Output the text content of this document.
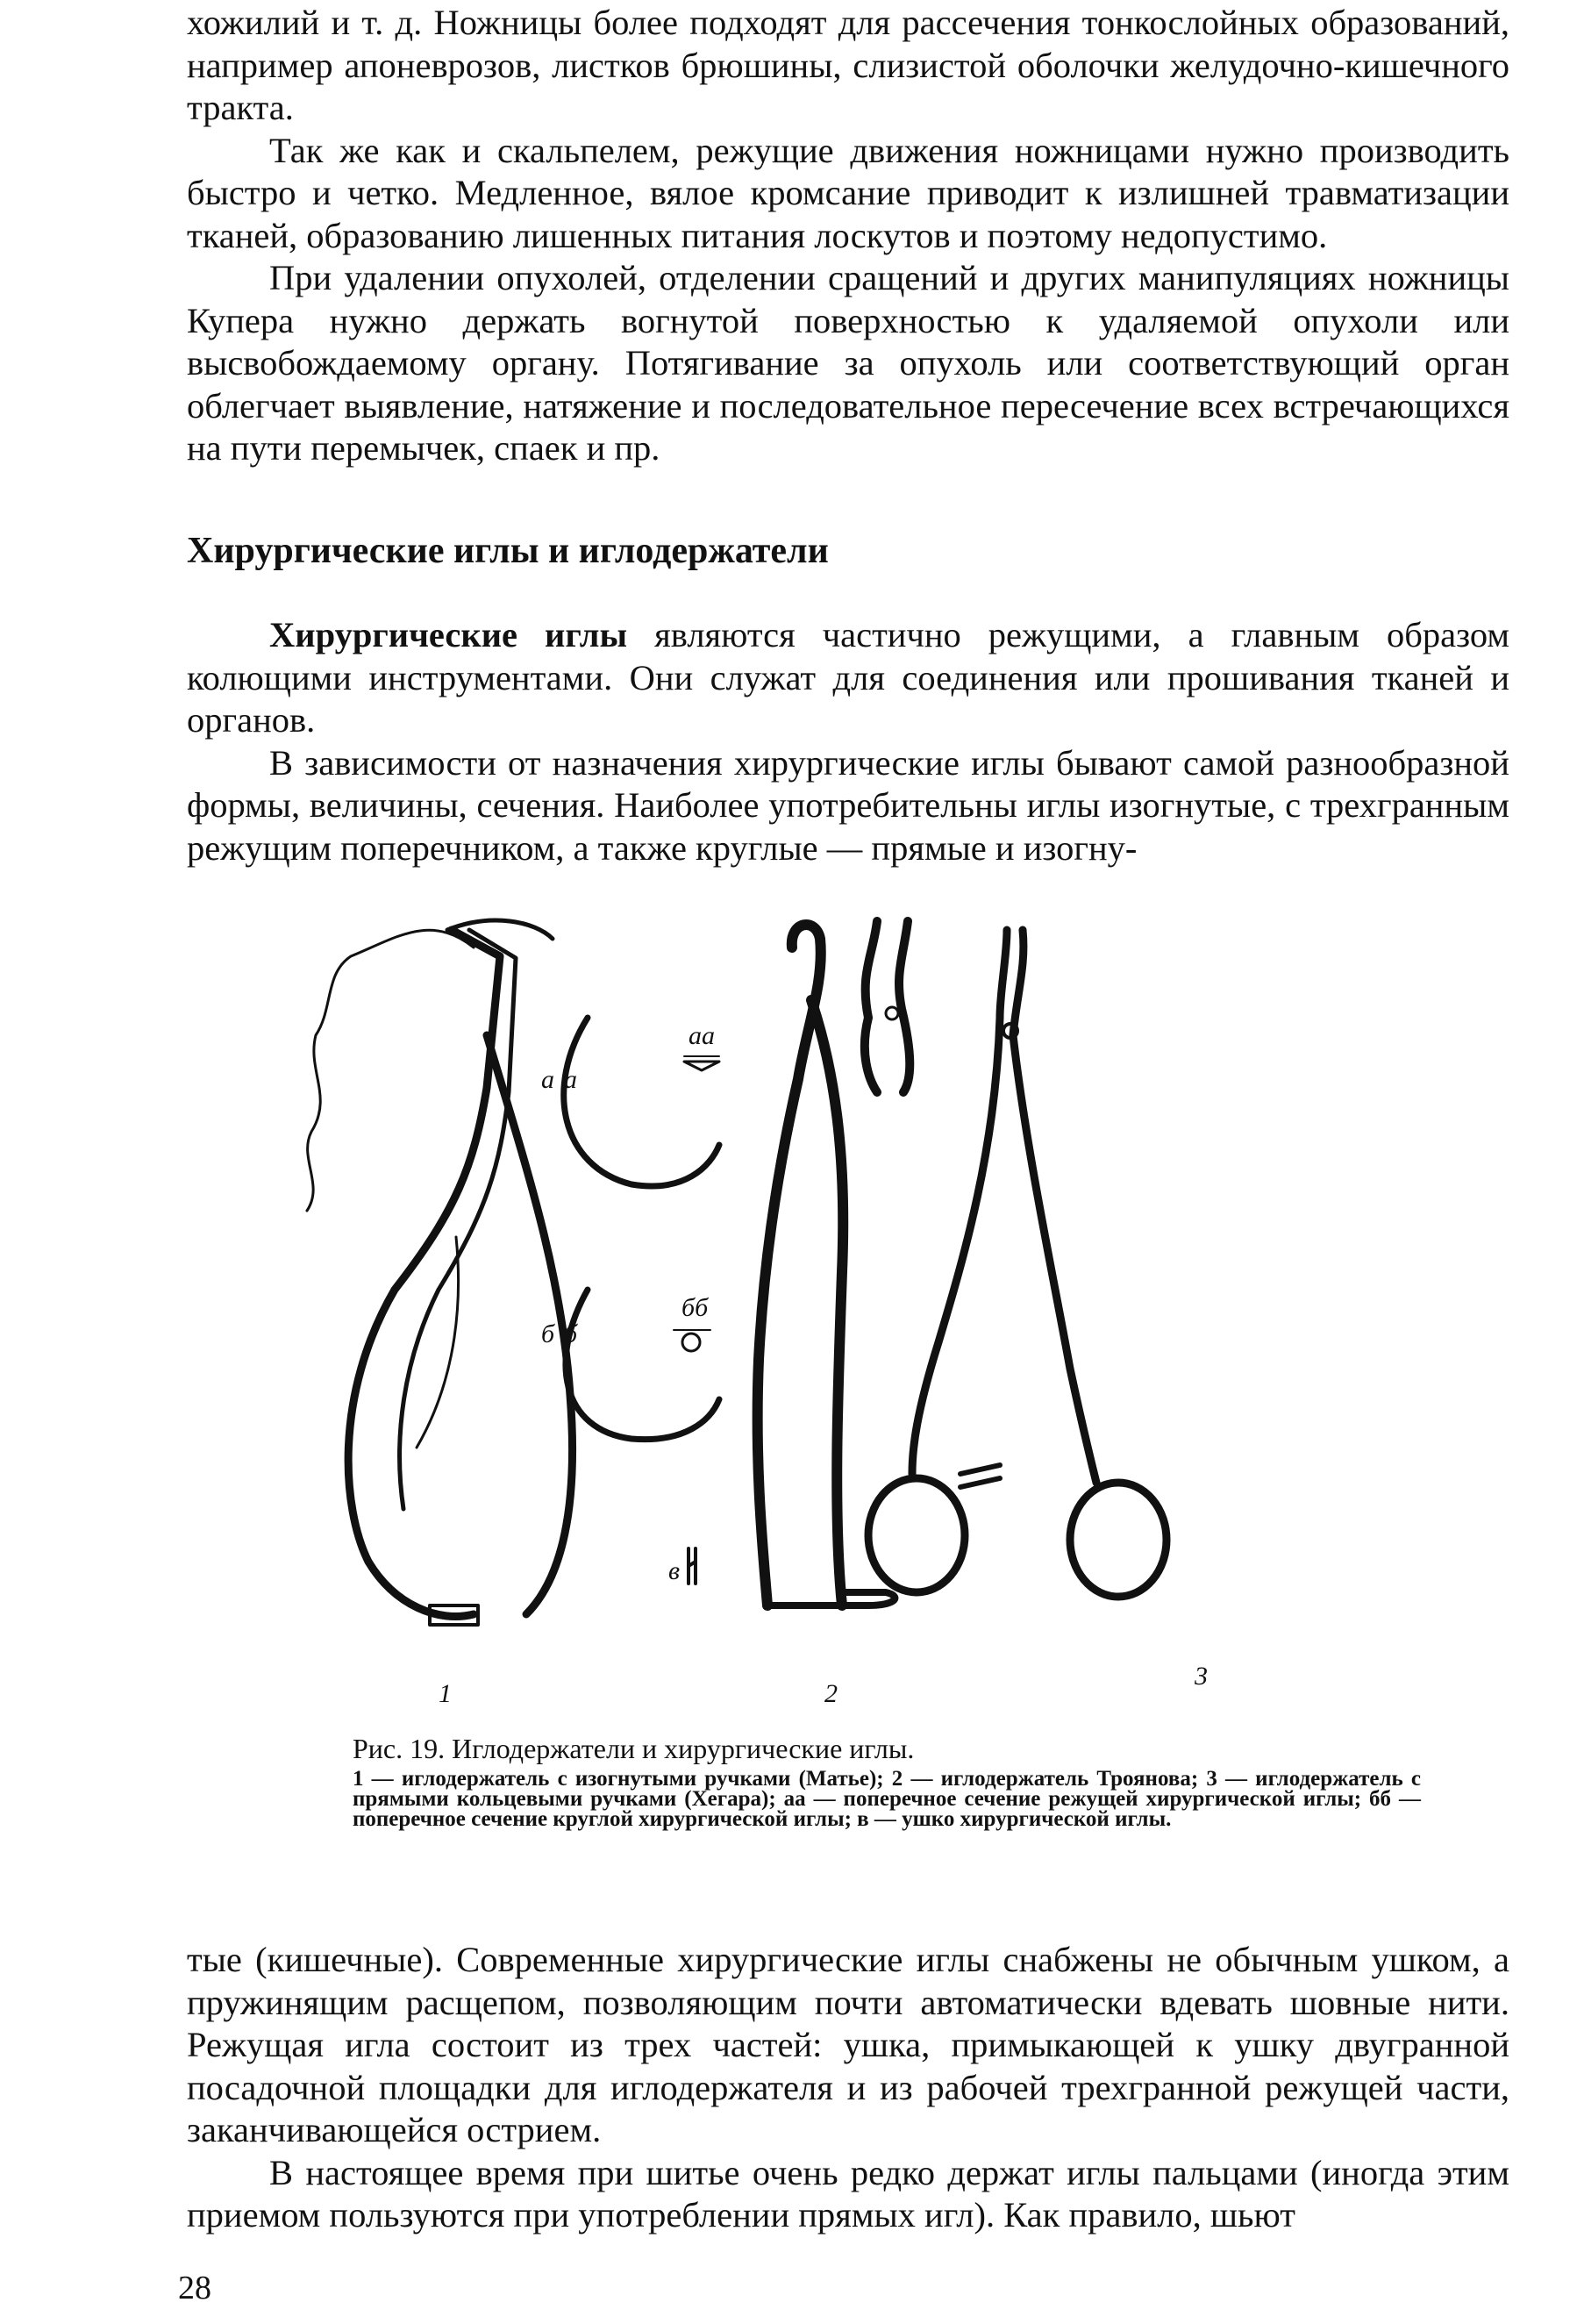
хожилий и т. д. Ножницы более подходят для рассечения тонкослойных образований, например апоневрозов, листков брюшины, слизистой оболочки желудочно-кишечного тракта.

Так же как и скальпелем, режущие движения ножницами нужно производить быстро и четко. Медленное, вялое кромсание приводит к излишней травматизации тканей, образованию лишенных питания лоскутов и поэтому недопустимо.

При удалении опухолей, отделении сращений и других манипуляциях ножницы Купера нужно держать вогнутой поверхностью к удаляемой опухоли или высвобождаемому органу. Потягивание за опухоль или соответствующий орган облегчает выявление, натяжение и последовательное пересечение всех встречающихся на пути перемычек, спаек и пр.

Хирургические иглы и иглодержатели

Хирургические иглы являются частично режущими, а главным образом колющими инструментами. Они служат для соединения или прошивания тканей и органов.

В зависимости от назначения хирургические иглы бывают самой разнообразной формы, величины, сечения. Наиболее употребительны иглы изогнутые, с трехгранным режущим поперечником, а также круглые — прямые и изогну-

1	2
3
aa
a a
бб
б б
в

Рис. 19. Иглодержатели и хирургические иглы.

1 — иглодержатель с изогнутыми ручками (Матье); 2 — иглодержатель Троянова; 3 — иглодержатель с прямыми кольцевыми ручками (Хегара); аа — поперечное сечение режущей хирургической иглы; бб — поперечное сечение круглой хирургической иглы; в — ушко хирургической иглы.

тые (кишечные). Современные хирургические иглы снабжены не обычным ушком, а пружинящим расщепом, позволяющим почти автоматически вдевать шовные нити. Режущая игла состоит из трех частей: ушка, примыкающей к ушку двугранной посадочной площадки для иглодержателя и из рабочей трехгранной режущей части, заканчивающейся острием.

В настоящее время при шитье очень редко держат иглы пальцами (иногда этим приемом пользуются при употреблении прямых игл). Как правило, шьют

28
